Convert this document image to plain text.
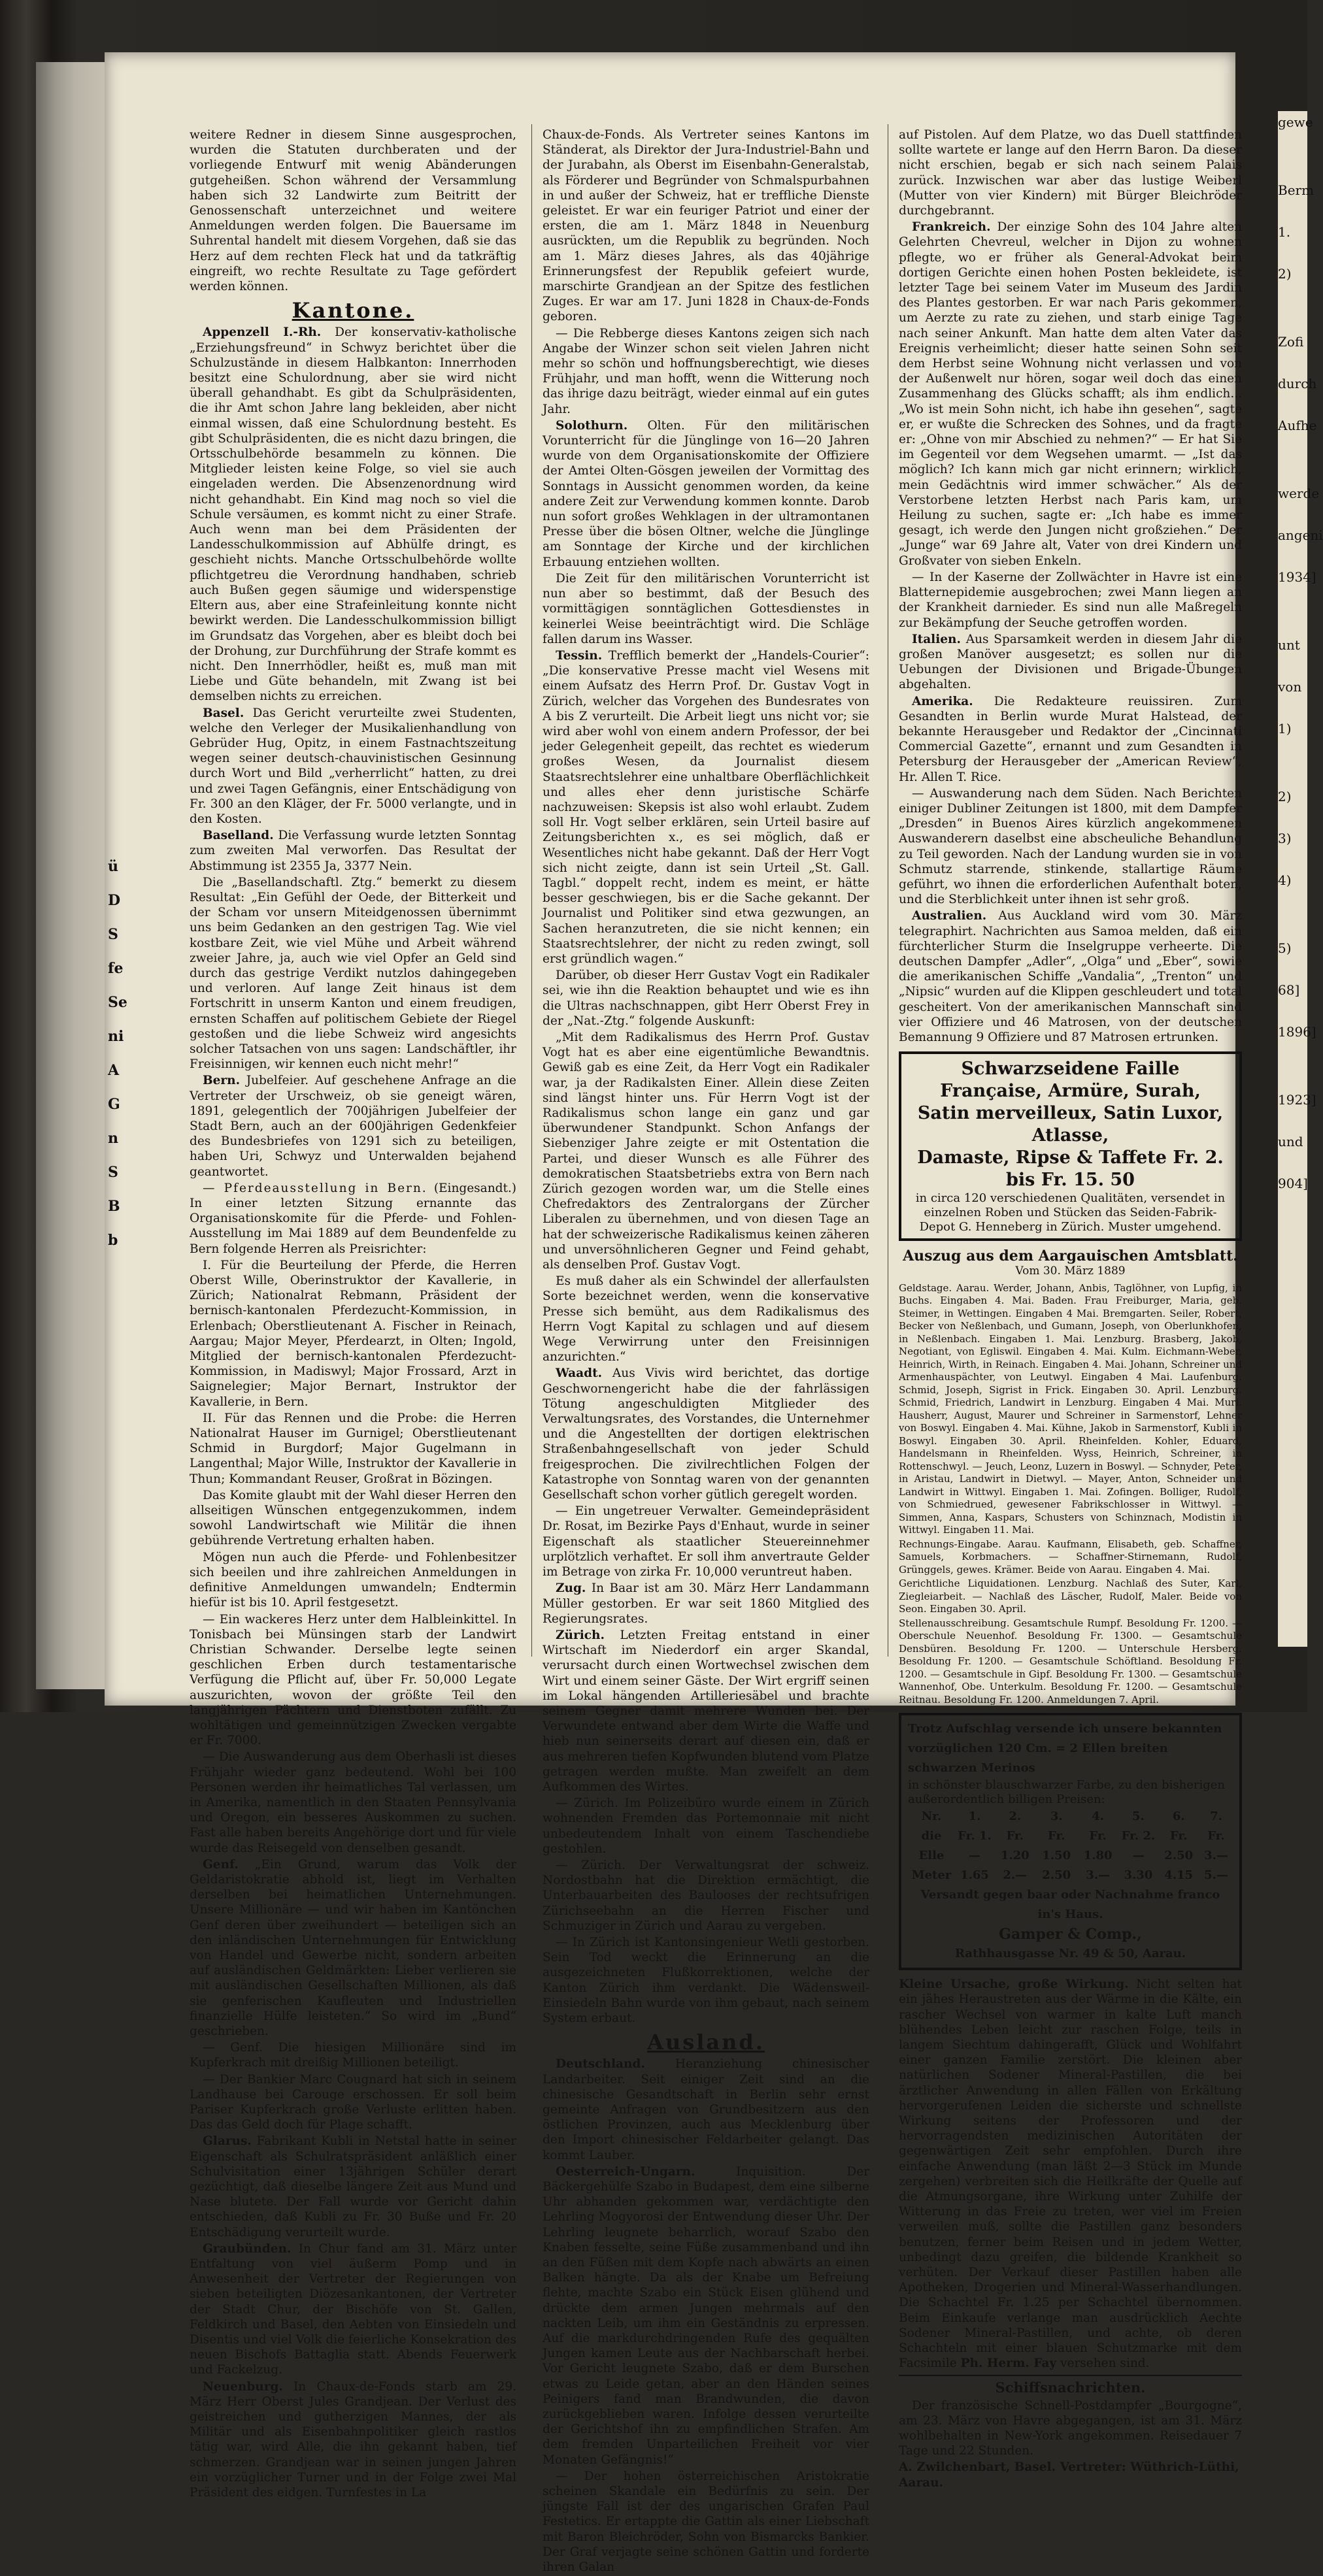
ü
D
S
fe
Se
ni
A
G
n
S
B
b
gewe
Berm
1.
2)
Zofi
durch
Aufhe
werde
angeni
1934]
unt
von
1)
2)
3)
4)
5)
68]
1896]
1923]
und
904]

weitere Redner in diesem Sinne ausgesprochen, wurden die Statuten durchberaten und der vorliegende Entwurf mit wenig Abänderungen gutgeheißen. Schon während der Versammlung haben sich 32 Landwirte zum Beitritt der Genossenschaft unterzeichnet und weitere Anmeldungen werden folgen. Die Bauersame im Suhrental handelt mit diesem Vorgehen, daß sie das Herz auf dem rechten Fleck hat und da tatkräftig eingreift, wo rechte Resultate zu Tage gefördert werden können.

Kantone.

Appenzell I.-Rh. Der konservativ-katholische „Erziehungsfreund“ in Schwyz berichtet über die Schulzustände in diesem Halbkanton: Innerrhoden besitzt eine Schulordnung, aber sie wird nicht überall gehandhabt. Es gibt da Schulpräsidenten, die ihr Amt schon Jahre lang bekleiden, aber nicht einmal wissen, daß eine Schulordnung besteht. Es gibt Schulpräsidenten, die es nicht dazu bringen, die Ortsschulbehörde besammeln zu können. Die Mitglieder leisten keine Folge, so viel sie auch eingeladen werden. Die Absenzenordnung wird nicht gehandhabt. Ein Kind mag noch so viel die Schule versäumen, es kommt nicht zu einer Strafe. Auch wenn man bei dem Präsidenten der Landesschulkommission auf Abhülfe dringt, es geschieht nichts. Manche Ortsschulbehörde wollte pflichtgetreu die Verordnung handhaben, schrieb auch Bußen gegen säumige und widerspenstige Eltern aus, aber eine Strafeinleitung konnte nicht bewirkt werden. Die Landesschulkommission billigt im Grundsatz das Vorgehen, aber es bleibt doch bei der Drohung, zur Durchführung der Strafe kommt es nicht. Den Innerrhödler, heißt es, muß man mit Liebe und Güte behandeln, mit Zwang ist bei demselben nichts zu erreichen.

Basel. Das Gericht verurteilte zwei Studenten, welche den Verleger der Musikalienhandlung von Gebrüder Hug, Opitz, in einem Fastnachtszeitung wegen seiner deutsch-chauvinistischen Gesinnung durch Wort und Bild „verherrlicht“ hatten, zu drei und zwei Tagen Gefängnis, einer Entschädigung von Fr. 300 an den Kläger, der Fr. 5000 verlangte, und in den Kosten.

Baselland. Die Verfassung wurde letzten Sonntag zum zweiten Mal verworfen. Das Resultat der Abstimmung ist 2355 Ja, 3377 Nein.

Die „Basellandschaftl. Ztg.“ bemerkt zu diesem Resultat: „Ein Gefühl der Oede, der Bitterkeit und der Scham vor unsern Miteidgenossen übernimmt uns beim Gedanken an den gestrigen Tag. Wie viel kostbare Zeit, wie viel Mühe und Arbeit während zweier Jahre, ja, auch wie viel Opfer an Geld sind durch das gestrige Verdikt nutzlos dahingegeben und verloren. Auf lange Zeit hinaus ist dem Fortschritt in unserm Kanton und einem freudigen, ernsten Schaffen auf politischem Gebiete der Riegel gestoßen und die liebe Schweiz wird angesichts solcher Tatsachen von uns sagen: Landschäftler, ihr Freisinnigen, wir kennen euch nicht mehr!“

Bern. Jubelfeier. Auf geschehene Anfrage an die Vertreter der Urschweiz, ob sie geneigt wären, 1891, gelegentlich der 700jährigen Jubelfeier der Stadt Bern, auch an der 600jährigen Gedenkfeier des Bundesbriefes von 1291 sich zu beteiligen, haben Uri, Schwyz und Unterwalden bejahend geantwortet.

— Pferdeausstellung in Bern. (Eingesandt.) In einer letzten Sitzung ernannte das Organisationskomite für die Pferde- und Fohlen-Ausstellung im Mai 1889 auf dem Beundenfelde zu Bern folgende Herren als Preisrichter:

I. Für die Beurteilung der Pferde, die Herren Oberst Wille, Oberinstruktor der Kavallerie, in Zürich; Nationalrat Rebmann, Präsident der bernisch-kantonalen Pferdezucht-Kommission, in Erlenbach; Oberstlieutenant A. Fischer in Reinach, Aargau; Major Meyer, Pferdearzt, in Olten; Ingold, Mitglied der bernisch-kantonalen Pferdezucht-Kommission, in Madiswyl; Major Frossard, Arzt in Saignelegier; Major Bernart, Instruktor der Kavallerie, in Bern.

II. Für das Rennen und die Probe: die Herren Nationalrat Hauser im Gurnigel; Oberstlieutenant Schmid in Burgdorf; Major Gugelmann in Langenthal; Major Wille, Instruktor der Kavallerie in Thun; Kommandant Reuser, Großrat in Bözingen.

Das Komite glaubt mit der Wahl dieser Herren den allseitigen Wünschen entgegenzukommen, indem sowohl Landwirtschaft wie Militär die ihnen gebührende Vertretung erhalten haben.

Mögen nun auch die Pferde- und Fohlenbesitzer sich beeilen und ihre zahlreichen Anmeldungen in definitive Anmeldungen umwandeln; Endtermin hiefür ist bis 10. April festgesetzt.

— Ein wackeres Herz unter dem Halbleinkittel. In Tonisbach bei Münsingen starb der Landwirt Christian Schwander. Derselbe legte seinen geschlichen Erben durch testamentarische Verfügung die Pflicht auf, über Fr. 50,000 Legate auszurichten, wovon der größte Teil den langjährigen Pächtern und Dienstboten zufällt. Zu wohltätigen und gemeinnützigen Zwecken vergabte er Fr. 7000.

— Die Auswanderung aus dem Oberhasli ist dieses Frühjahr wieder ganz bedeutend. Wohl bei 100 Personen werden ihr heimatliches Tal verlassen, um in Amerika, namentlich in den Staaten Pennsylvania und Oregon, ein besseres Auskommen zu suchen. Fast alle haben bereits Angehörige dort und für viele wurde das Reisegeld von denselben gesandt.

Genf. „Ein Grund, warum das Volk der Geldaristokratie abhold ist, liegt im Verhalten derselben bei heimatlichen Unternehmungen. Unsere Millionäre — und wir haben im Kantönchen Genf deren über zweihundert — beteiligen sich an den inländischen Unternehmungen für Entwicklung von Handel und Gewerbe nicht, sondern arbeiten auf ausländischen Geldmärkten: Lieber verlieren sie mit ausländischen Gesellschaften Millionen, als daß sie genferischen Kaufleuten und Industriellen finanzielle Hülfe leisteten.“ So wird im „Bund“ geschrieben.

— Genf. Die hiesigen Millionäre sind im Kupferkrach mit dreißig Millionen beteiligt.

— Der Bankier Marc Cougnard hat sich in seinem Landhause bei Carouge erschossen. Er soll beim Pariser Kupferkrach große Verluste erlitten haben. Das das Geld doch für Plage schafft.

Glarus. Fabrikant Kubli in Netstal hatte in seiner Eigenschaft als Schulratspräsident anläßlich einer Schulvisitation einer 13jährigen Schüler derart gezüchtigt, daß dieselbe längere Zeit aus Mund und Nase blutete. Der Fall wurde vor Gericht dahin entschieden, daß Kubli zu Fr. 30 Buße und Fr. 20 Entschädigung verurteilt wurde.

Graubünden. In Chur fand am 31. März unter Entfaltung von viel äußerm Pomp und in Anwesenheit der Vertreter der Regierungen von sieben beteiligten Diözesankantonen, der Vertreter der Stadt Chur, der Bischöfe von St. Gallen, Feldkirch und Basel, den Aebten von Einsiedeln und Disentis und viel Volk die feierliche Konsekration des neuen Bischofs Battaglia statt. Abends Feuerwerk und Fackelzug.

Neuenburg. In Chaux-de-Fonds starb am 29. März Herr Oberst Jules Grandjean. Der Verlust des geistreichen und gutherzigen Mannes, der als Militär und als Eisenbahnpolitiker gleich rastlos tätig war, wird Alle, die ihn gekannt haben, tief schmerzen. Grandjean war in seinen jungen Jahren ein vorzüglicher Turner und in der Folge zwei Mal Präsident des eidgen. Turnfestes in La

Chaux-de-Fonds. Als Vertreter seines Kantons im Ständerat, als Direktor der Jura-Industriel-Bahn und der Jurabahn, als Oberst im Eisenbahn-Generalstab, als Förderer und Begründer von Schmalspurbahnen in und außer der Schweiz, hat er treffliche Dienste geleistet. Er war ein feuriger Patriot und einer der ersten, die am 1. März 1848 in Neuenburg ausrückten, um die Republik zu begründen. Noch am 1. März dieses Jahres, als das 40jährige Erinnerungsfest der Republik gefeiert wurde, marschirte Grandjean an der Spitze des festlichen Zuges. Er war am 17. Juni 1828 in Chaux-de-Fonds geboren.

— Die Rebberge dieses Kantons zeigen sich nach Angabe der Winzer schon seit vielen Jahren nicht mehr so schön und hoffnungsberechtigt, wie dieses Frühjahr, und man hofft, wenn die Witterung noch das ihrige dazu beiträgt, wieder einmal auf ein gutes Jahr.

Solothurn. Olten. Für den militärischen Vorunterricht für die Jünglinge von 16—20 Jahren wurde von dem Organisationskomite der Offiziere der Amtei Olten-Gösgen jeweilen der Vormittag des Sonntags in Aussicht genommen worden, da keine andere Zeit zur Verwendung kommen konnte. Darob nun sofort großes Wehklagen in der ultramontanen Presse über die bösen Oltner, welche die Jünglinge am Sonntage der Kirche und der kirchlichen Erbauung entziehen wollten.

Die Zeit für den militärischen Vorunterricht ist nun aber so bestimmt, daß der Besuch des vormittägigen sonntäglichen Gottesdienstes in keinerlei Weise beeinträchtigt wird. Die Schläge fallen darum ins Wasser.

Tessin. Trefflich bemerkt der „Handels-Courier“: „Die konservative Presse macht viel Wesens mit einem Aufsatz des Herrn Prof. Dr. Gustav Vogt in Zürich, welcher das Vorgehen des Bundesrates von A bis Z verurteilt. Die Arbeit liegt uns nicht vor; sie wird aber wohl von einem andern Professor, der bei jeder Gelegenheit gepeilt, das rechtet es wiederum großes Wesen, da Journalist diesem Staatsrechtslehrer eine unhaltbare Oberflächlichkeit und alles eher denn juristische Schärfe nachzuweisen: Skepsis ist also wohl erlaubt. Zudem soll Hr. Vogt selber erklären, sein Urteil basire auf Zeitungsberichten x., es sei möglich, daß er Wesentliches nicht habe gekannt. Daß der Herr Vogt sich nicht zeigte, dann ist sein Urteil „St. Gall. Tagbl.“ doppelt recht, indem es meint, er hätte besser geschwiegen, bis er die Sache gekannt. Der Journalist und Politiker sind etwa gezwungen, an Sachen heranzutreten, die sie nicht kennen; ein Staatsrechtslehrer, der nicht zu reden zwingt, soll erst gründlich wagen.“

Darüber, ob dieser Herr Gustav Vogt ein Radikaler sei, wie ihn die Reaktion behauptet und wie es ihn die Ultras nachschnappen, gibt Herr Oberst Frey in der „Nat.-Ztg.“ folgende Auskunft:

„Mit dem Radikalismus des Herrn Prof. Gustav Vogt hat es aber eine eigentümliche Bewandtnis. Gewiß gab es eine Zeit, da Herr Vogt ein Radikaler war, ja der Radikalsten Einer. Allein diese Zeiten sind längst hinter uns. Für Herrn Vogt ist der Radikalismus schon lange ein ganz und gar überwundener Standpunkt. Schon Anfangs der Siebenziger Jahre zeigte er mit Ostentation die Partei, und dieser Wunsch es alle Führer des demokratischen Staatsbetriebs extra von Bern nach Zürich gezogen worden war, um die Stelle eines Chefredaktors des Zentralorgans der Zürcher Liberalen zu übernehmen, und von diesen Tage an hat der schweizerische Radikalismus keinen zäheren und unversöhnlicheren Gegner und Feind gehabt, als denselben Prof. Gustav Vogt.

Es muß daher als ein Schwindel der allerfaulsten Sorte bezeichnet werden, wenn die konservative Presse sich bemüht, aus dem Radikalismus des Herrn Vogt Kapital zu schlagen und auf diesem Wege Verwirrung unter den Freisinnigen anzurichten.“

Waadt. Aus Vivis wird berichtet, das dortige Geschwornengericht habe die der fahrlässigen Tötung angeschuldigten Mitglieder des Verwaltungsrates, des Vorstandes, die Unternehmer und die Angestellten der dortigen elektrischen Straßenbahngesellschaft von jeder Schuld freigesprochen. Die zivilrechtlichen Folgen der Katastrophe von Sonntag waren von der genannten Gesellschaft schon vorher gütlich geregelt worden.

— Ein ungetreuer Verwalter. Gemeindepräsident Dr. Rosat, im Bezirke Pays d'Enhaut, wurde in seiner Eigenschaft als staatlicher Steuereinnehmer urplötzlich verhaftet. Er soll ihm anvertraute Gelder im Betrage von zirka Fr. 10,000 veruntreut haben.

Zug. In Baar ist am 30. März Herr Landammann Müller gestorben. Er war seit 1860 Mitglied des Regierungsrates.

Zürich. Letzten Freitag entstand in einer Wirtschaft im Niederdorf ein arger Skandal, verursacht durch einen Wortwechsel zwischen dem Wirt und einem seiner Gäste. Der Wirt ergriff seinen im Lokal hängenden Artilleriesäbel und brachte seinem Gegner damit mehrere Wunden bei. Der Verwundete entwand aber dem Wirte die Waffe und hieb nun seinerseits derart auf diesen ein, daß er aus mehreren tiefen Kopfwunden blutend vom Platze getragen werden mußte. Man zweifelt an dem Aufkommen des Wirtes.

— Zürich. Im Polizeibüro wurde einem in Zürich wohnenden Fremden das Portemonnaie mit nicht unbedeutendem Inhalt von einem Taschendiebe gestohlen.

— Zürich. Der Verwaltungsrat der schweiz. Nordostbahn hat die Direktion ermächtigt, die Unterbauarbeiten des Baulooses der rechtsufrigen Zürichseebahn an die Herren Fischer und Schmuziger in Zürich und Aarau zu vergeben.

— In Zürich ist Kantonsingenieur Wetli gestorben. Sein Tod weckt die Erinnerung an die ausgezeichneten Flußkorrektionen, welche der Kanton Zürich ihm verdankt. Die Wädensweil-Einsiedeln Bahn wurde von ihm gebaut, nach seinem System erbaut.

Ausland.

Deutschland. Heranziehung chinesischer Landarbeiter. Seit einiger Zeit sind an die chinesische Gesandtschaft in Berlin sehr ernst gemeinte Anfragen von Grundbesitzern aus den östlichen Provinzen, auch aus Mecklenburg über den Import chinesischer Feldarbeiter gelangt. Das kommt Lauber.

Oesterreich-Ungarn.	Inquisition. Der Bäckergehülfe Szabo in Budapest, dem eine silberne Uhr abhanden gekommen war, verdächtigte den Lehrling Mogyorosi der Entwendung dieser Uhr. Der Lehrling leugnete beharrlich, worauf Szabo den Knaben fesselte, seine Füße zusammenband und ihn an den Füßen mit dem Kopfe nach abwärts an einen Balken hängte. Da als der Knabe um Befreiung flehte, machte Szabo ein Stück Eisen glühend und drückte dem armen Jungen mehrmals auf den nackten Leib, um ihm ein Geständnis zu erpressen. Auf die markdurchdringenden Rufe des gequälten Jungen kamen Leute aus der Nachbarschaft herbei. Vor Gericht leugnete Szabo, daß er dem Burschen etwas zu Leide getan, aber an den Händen seines Peinigers fand man Brandwunden, die davon zurückgeblieben waren. Infolge dessen verurteilte der Gerichtshof ihn zu empfindlichen Strafen. Am dem fremden Unparteilichen Freiheit vor vier Monaten Gefängnis!“

— Der hohen österreichischen Aristokratie scheinen Skandale ein Bedürfnis zu sein. Der jüngste Fall ist der des ungarischen Grafen Paul Festetics. Er ertappte die Gattin als einer Liebschaft mit Baron Bleichröder, Sohn von Bismarcks Bankier. Der Graf verjagte seine schönen Gattin und forderte ihren Galan

auf Pistolen. Auf dem Platze, wo das Duell stattfinden sollte wartete er lange auf den Herrn Baron. Da dieser nicht erschien, begab er sich nach seinem Palais zurück. Inzwischen war aber das lustige Weiberl (Mutter von vier Kindern) mit Bürger Bleichröder durchgebrannt.

Frankreich. Der einzige Sohn des 104 Jahre alten Gelehrten Chevreul, welcher in Dijon zu wohnen pflegte, wo er früher als General-Advokat beim dortigen Gerichte einen hohen Posten bekleidete, ist letzter Tage bei seinem Vater im Museum des Jardin des Plantes gestorben. Er war nach Paris gekommen, um Aerzte zu rate zu ziehen, und starb einige Tage nach seiner Ankunft. Man hatte dem alten Vater das Ereignis verheimlicht; dieser hatte seinen Sohn seit dem Herbst seine Wohnung nicht verlassen und von der Außenwelt nur hören, sogar weil doch das einen Zusammenhang des Glücks schafft; als ihm endlich... „Wo ist mein Sohn nicht, ich habe ihn gesehen“, sagte er, er wußte die Schrecken des Sohnes, und da fragte er: „Ohne von mir Abschied zu nehmen?“ — Er hat Sie im Gegenteil vor dem Wegsehen umarmt. — „Ist das möglich? Ich kann mich gar nicht erinnern; wirklich, mein Gedächtnis wird immer schwächer.“ Als der Verstorbene letzten Herbst nach Paris kam, um Heilung zu suchen, sagte er: „Ich habe es immer gesagt, ich werde den Jungen nicht großziehen.“ Der „Junge“ war 69 Jahre alt, Vater von drei Kindern und Großvater von sieben Enkeln.

— In der Kaserne der Zollwächter in Havre ist eine Blatternepidemie ausgebrochen; zwei Mann liegen an der Krankheit darnieder. Es sind nun alle Maßregeln zur Bekämpfung der Seuche getroffen worden.

Italien. Aus Sparsamkeit werden in diesem Jahr die großen Manöver ausgesetzt; es sollen nur die Uebungen der Divisionen und Brigade-Übungen abgehalten.

Amerika. Die Redakteure reuissiren. Zum Gesandten in Berlin wurde Murat Halstead, der bekannte Herausgeber und Redaktor der „Cincinnati Commercial Gazette“, ernannt und zum Gesandten in Petersburg der Herausgeber der „American Review“, Hr. Allen T. Rice.

— Auswanderung nach dem Süden. Nach Berichten einiger Dubliner Zeitungen ist 1800, mit dem Dampfer „Dresden“ in Buenos Aires kürzlich angekommenen Auswanderern daselbst eine abscheuliche Behandlung zu Teil geworden. Nach der Landung wurden sie in von Schmutz starrende, stinkende, stallartige Räume geführt, wo ihnen die erforderlichen Aufenthalt boten, und die Sterblichkeit unter ihnen ist sehr groß.

Australien. Aus Auckland wird vom 30. März telegraphirt. Nachrichten aus Samoa melden, daß ein fürchterlicher Sturm die Inselgruppe verheerte. Die deutschen Dampfer „Adler“, „Olga“ und „Eber“, sowie die amerikanischen Schiffe „Vandalia“, „Trenton“ und „Nipsic“ wurden auf die Klippen geschleudert und total gescheitert. Von der amerikanischen Mannschaft sind vier Offiziere und 46 Matrosen, von der deutschen Bemannung 9 Offiziere und 87 Matrosen ertrunken.

Schwarzseidene Faille Française, Armüre, Surah,
Satin merveilleux, Satin Luxor, Atlasse,
Damaste, Ripse & Taffete Fr. 2. bis Fr. 15. 50
in circa 120 verschiedenen Qualitäten, versendet in einzelnen Roben und Stücken das Seiden-Fabrik-Depot G. Henneberg in Zürich. Muster umgehend.
Auszug aus dem Aargauischen Amtsblatt.
Vom 30. März 1889

Geldstage. Aarau. Werder, Johann, Anbis, Taglöhner, von Lupfig, in Buchs. Eingaben 4. Mai. Baden. Frau Freiburger, Maria, geb. Steimer, in Wettingen. Eingaben 4 Mai. Bremgarten. Seiler, Robert, Becker von Neßlenbach, und Gumann, Joseph, von Oberlunkhofen, in Neßlenbach. Eingaben 1. Mai. Lenzburg. Brasberg, Jakob, Negotiant, von Egliswil. Eingaben 4. Mai. Kulm. Eichmann-Weber, Heinrich, Wirth, in Reinach. Eingaben 4. Mai. Johann, Schreiner und Armenhauspächter, von Leutwyl. Eingaben 4 Mai. Laufenburg. Schmid, Joseph, Sigrist in Frick. Eingaben 30. April. Lenzburg. Schmid, Friedrich, Landwirt in Lenzburg. Eingaben 4 Mai. Muri. Hausherr, August, Maurer und Schreiner in Sarmenstorf, Lehner von Boswyl. Eingaben 4. Mai. Kühne, Jakob in Sarmenstorf, Kubli in Boswyl. Eingaben 30. April. Rheinfelden. Kohler, Eduard, Handelsmann in Rheinfelden. Wyss, Heinrich, Schreiner, in Rottenschwyl. — Jeuch, Leonz, Luzern in Boswyl. — Schnyder, Peter, in Aristau, Landwirt in Dietwyl. — Mayer, Anton, Schneider und Landwirt in Wittwyl. Eingaben 1. Mai. Zofingen. Bolliger, Rudolf, von Schmiedrued, gewesener Fabrikschlosser in Wittwyl. — Simmen, Anna, Kaspars, Schusters von Schinznach, Modistin in Wittwyl. Eingaben 11. Mai.

Rechnungs-Eingabe. Aarau. Kaufmann, Elisabeth, geb. Schaffner, Samuels, Korbmachers. — Schaffner-Stirnemann, Rudolf, Grünggels, gewes. Krämer. Beide von Aarau. Eingaben 4. Mai.

Gerichtliche Liquidationen. Lenzburg. Nachlaß des Suter, Karl, Ziegleiarbeit. — Nachlaß des Läscher, Rudolf, Maler. Beide von Seon. Eingaben 30. April.

Stellenausschreibung. Gesamtschule Rumpf. Besoldung Fr. 1200. — Oberschule Neuenhof. Besoldung Fr. 1300. — Gesamtschule Densbüren. Besoldung Fr. 1200. — Unterschule Hersberg. Besoldung Fr. 1200. — Gesamtschule Schöftland. Besoldung Fr. 1200. — Gesamtschule in Gipf. Besoldung Fr. 1300. — Gesamtschule Wannenhof, Obe. Unterkulm. Besoldung Fr. 1200. — Gesamtschule Reitnau. Besoldung Fr. 1200. Anmeldungen 7. April.

Trotz Aufschlag versende ich unsere bekannten
vorzüglichen 120 Cm. = 2 Ellen breiten schwarzen Merinos
in schönster blauschwarzer Farbe, zu den bisherigen außerordentlich billigen Preisen:
Nr.	1.	2.	3.	4.	5.	6.	7.
die Elle	Fr. 1.—	Fr. 1.20	Fr. 1.50	Fr. 1.80	Fr. 2.—	Fr. 2.50	Fr. 3.—
Meter	1.65	2.—	2.50	3.—	3.30	4.15	5.—
Versandt gegen baar oder Nachnahme franco in's Haus.
Gamper & Comp.,
Rathhausgasse Nr. 49 & 50, Aarau.

Kleine Ursache, große Wirkung. Nicht selten hat ein jähes Heraustreten aus der Wärme in die Kälte, ein rascher Wechsel von warmer in kalte Luft manch blühendes Leben leicht zur raschen Folge, teils in langem Siechtum dahingerafft, Glück und Wohlfahrt einer ganzen Familie zerstört. Die kleinen aber natürlichen Sodener Mineral-Pastillen, die bei ärztlicher Anwendung in allen Fällen von Erkältung hervorgerufenen Leiden die sicherste und schnellste Wirkung seitens der Professoren und der hervorragendsten medizinischen Autoritäten der gegenwärtigen Zeit sehr empfohlen. Durch ihre einfache Anwendung (man läßt 2—3 Stück im Munde zergehen) verbreiten sich die Heilkräfte der Quelle auf die Atmungsorgane, ihre Wirkung unter Zuhilfe der Witterung in das Freie zu treten, wer viel im Freien verweilen muß, sollte die Pastillen ganz besonders benutzen, ferner beim Reisen und in jedem Wetter, unbedingt dazu greifen, die bildende Krankheit so verhüten. Der Verkauf dieser Pastillen haben alle Apotheken, Drogerien und Mineral-Wasserhandlungen. Die Schachtel Fr. 1.25 per Schachtel übernommen. Beim Einkaufe verlange man ausdrücklich Aechte Sodener Mineral-Pastillen, und achte, ob deren Schachteln mit einer blauen Schutzmarke mit dem Facsimile Ph. Herm. Fay versehen sind.

Schiffsnachrichten.

Der französische Schnell-Postdampfer „Bourgogne“, am 23. März von Havre abgegangen, ist am 31. März wohlbehalten in New-York angekommen. Reisedauer 7 Tage und 22 Stunden.

A. Zwilchenbart, Basel. Vertreter: Wüthrich-Lüthi, Aarau.
